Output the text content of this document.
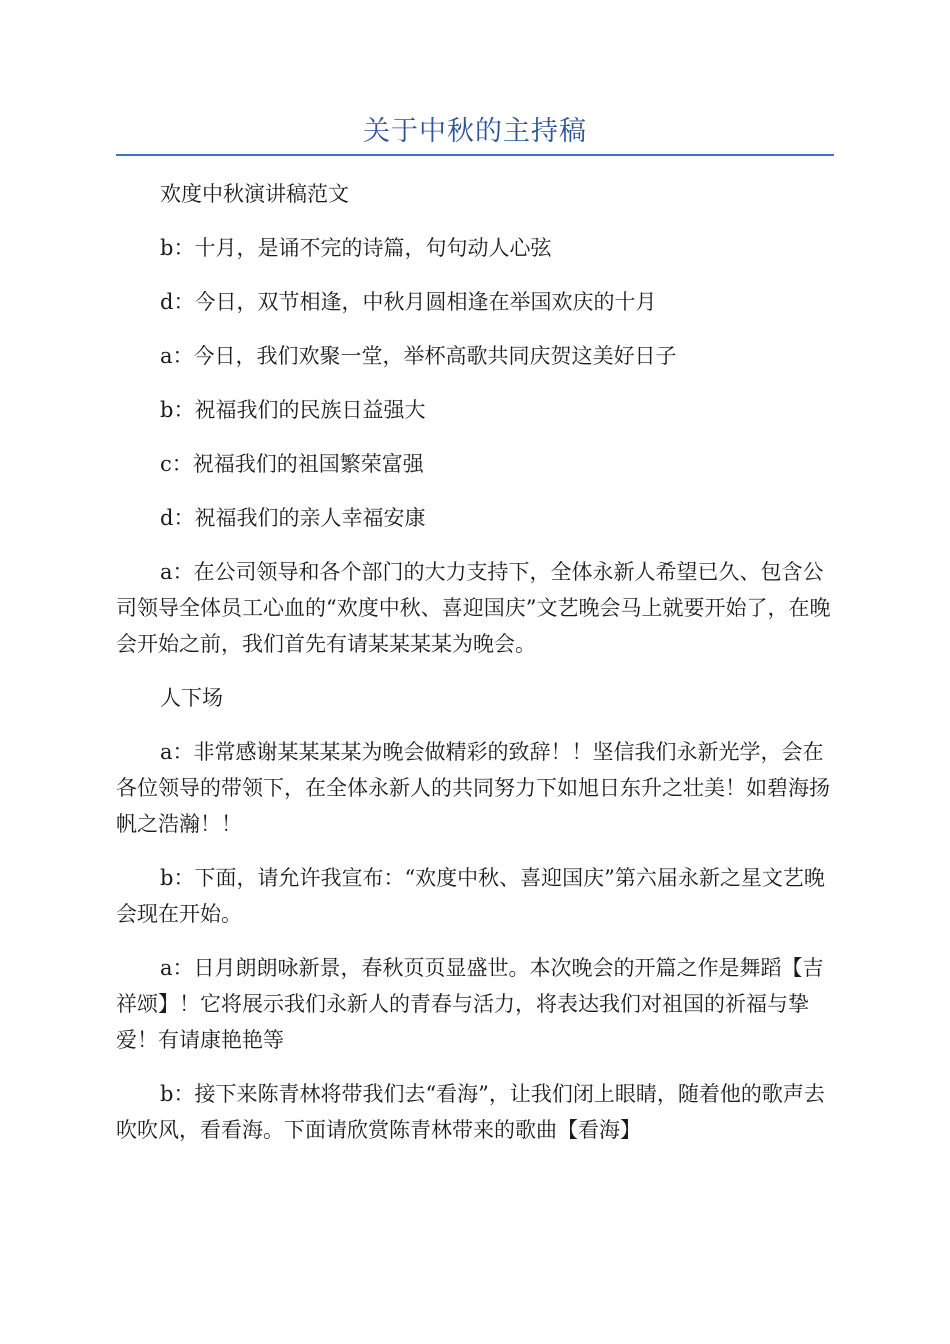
关于中秋的主持稿

欢度中秋演讲稿范文

b：十月，是诵不完的诗篇，句句动人心弦

d：今日，双节相逢，中秋月圆相逢在举国欢庆的十月

a：今日，我们欢聚一堂，举杯高歌共同庆贺这美好日子

b：祝福我们的民族日益强大

c：祝福我们的祖国繁荣富强

d：祝福我们的亲人幸福安康

a：在公司领导和各个部门的大力支持下，全体永新人希望已久、包含公司领导全体员工心血的“欢度中秋、喜迎国庆”文艺晚会马上就要开始了，在晚会开始之前，我们首先有请某某某某为晚会。

人下场

a：非常感谢某某某某为晚会做精彩的致辞！！坚信我们永新光学，会在各位领导的带领下，在全体永新人的共同努力下如旭日东升之壮美！如碧海扬帆之浩瀚！！

b：下面，请允许我宣布：“欢度中秋、喜迎国庆”第六届永新之星文艺晚会现在开始。

a：日月朗朗咏新景，春秋页页显盛世。本次晚会的开篇之作是舞蹈【吉祥颂】！它将展示我们永新人的青春与活力，将表达我们对祖国的祈福与挚爱！有请康艳艳等

b：接下来陈青林将带我们去“看海”，让我们闭上眼睛，随着他的歌声去吹吹风，看看海。下面请欣赏陈青林带来的歌曲【看海】
